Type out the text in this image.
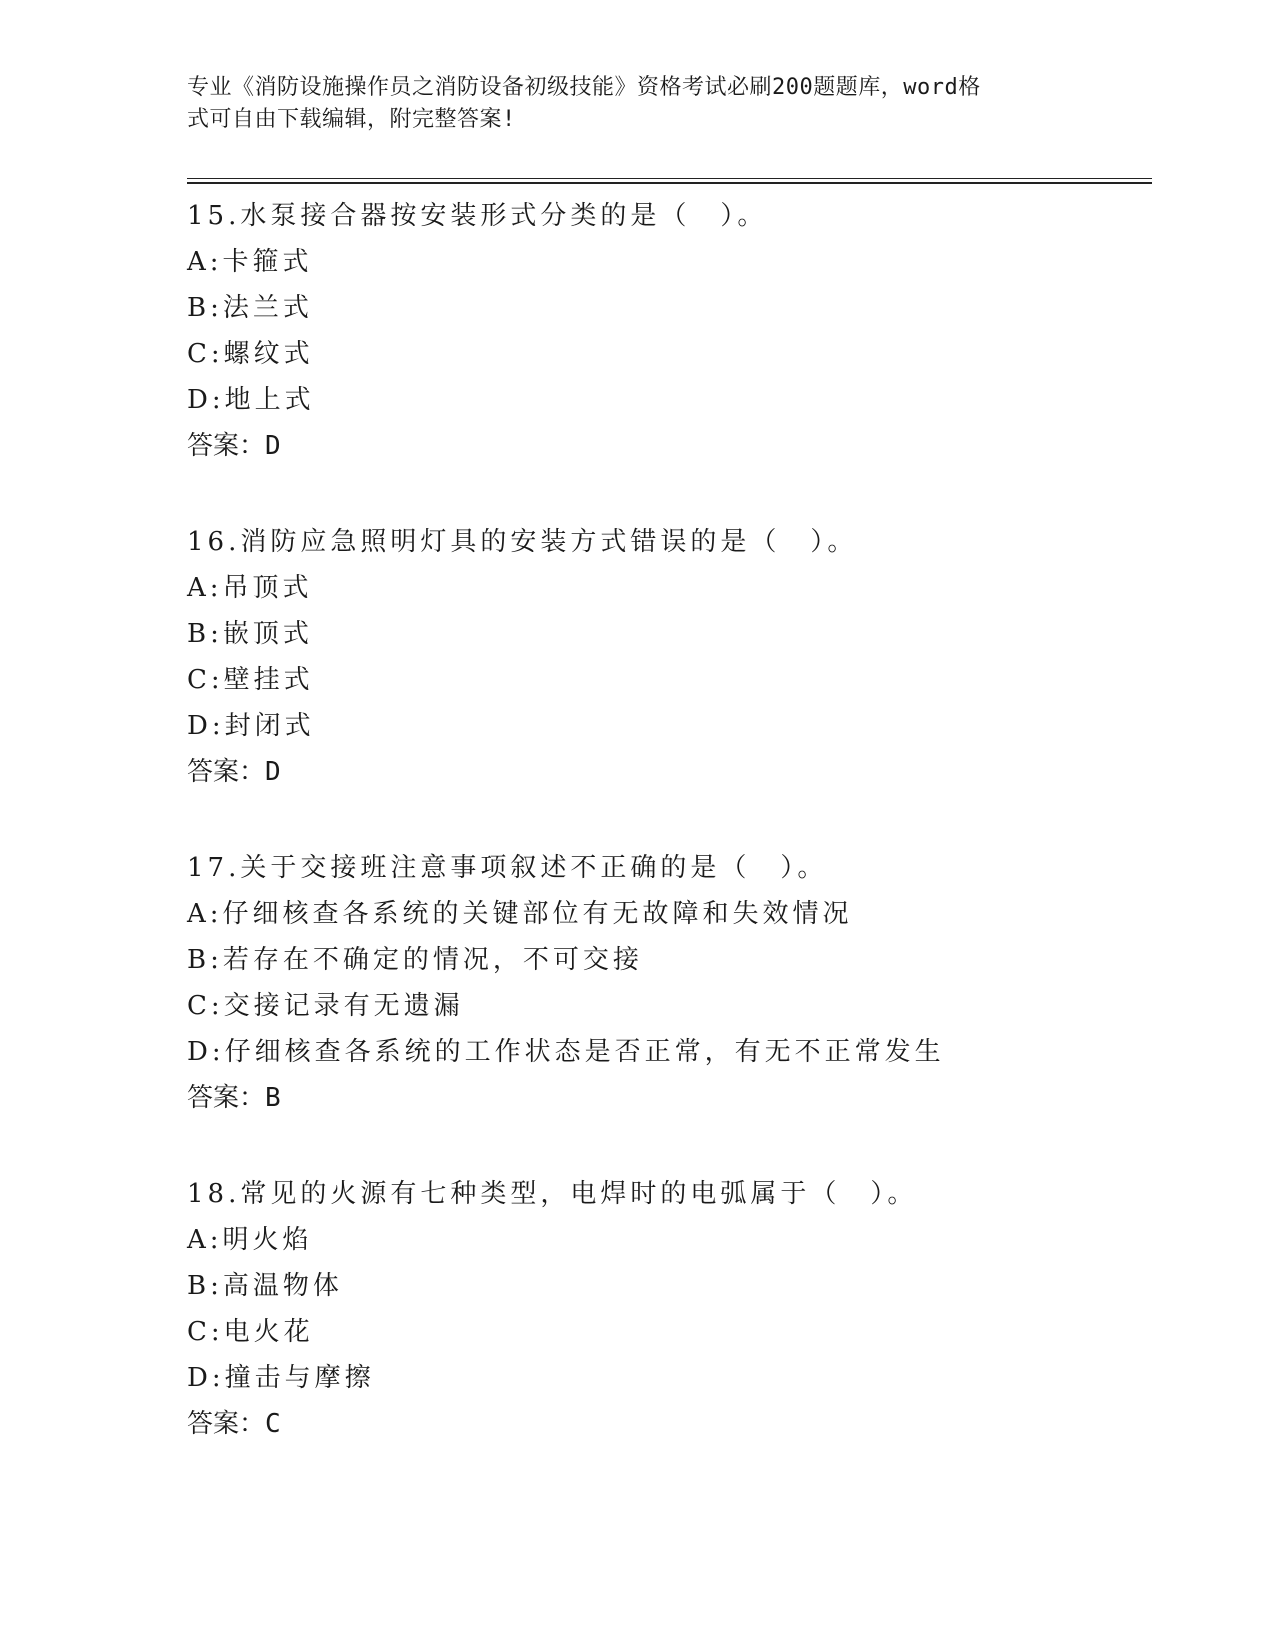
专业《消防设施操作员之消防设备初级技能》资格考试必刷200题题库，word格
式可自由下载编辑，附完整答案!
15.水泵接合器按安装形式分类的是（　）。
A:卡箍式
B:法兰式
C:螺纹式
D:地上式
答案：D
16.消防应急照明灯具的安装方式错误的是（　）。
A:吊顶式
B:嵌顶式
C:壁挂式
D:封闭式
答案：D
17.关于交接班注意事项叙述不正确的是（　）。
A:仔细核查各系统的关键部位有无故障和失效情况
B:若存在不确定的情况，不可交接
C:交接记录有无遗漏
D:仔细核查各系统的工作状态是否正常，有无不正常发生
答案：B
18.常见的火源有七种类型，电焊时的电弧属于（　）。
A:明火焰
B:高温物体
C:电火花
D:撞击与摩擦
答案：C
